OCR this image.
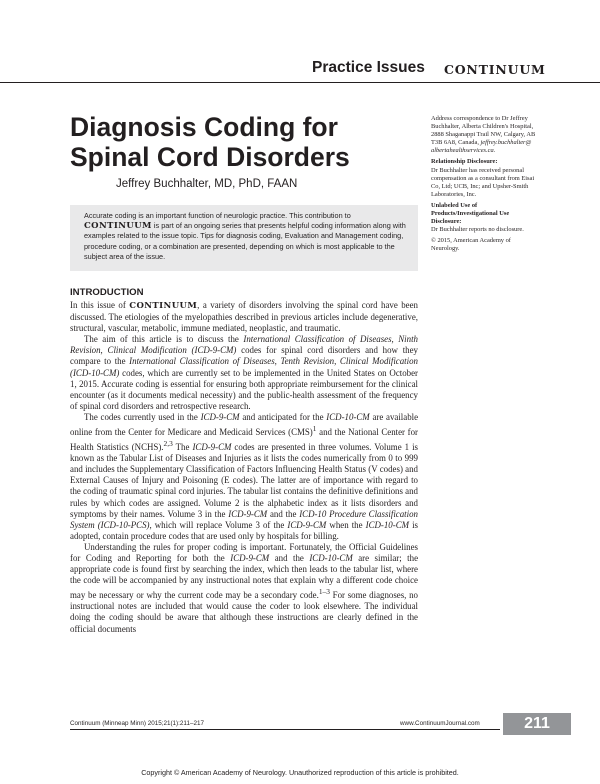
Practice Issues CONTINUUM
Diagnosis Coding for Spinal Cord Disorders
Jeffrey Buchhalter, MD, PhD, FAAN

Accurate coding is an important function of neurologic practice. This contribution to
CONTINUUM is part of an ongoing series that presents helpful coding information along with examples related to the issue topic. Tips for diagnosis coding, Evaluation and Management coding, procedure coding, or a combination are presented, depending on which is most applicable to the subject area of the issue.

Address correspondence to Dr Jeffrey Buchhalter, Alberta Children's Hospital, 2888 Shaganappi Trail NW, Calgary, AB T3B 6A8, Canada, jeffrey.buchhalter@ albertahealthservices.ca.

Relationship Disclosure:
Dr Buchhalter has received personal compensation as a consultant from Eisai Co, Ltd; UCB, Inc; and Upsher-Smith Laboratories, Inc.

Unlabeled Use of Products/Investigational Use Disclosure:
Dr Buchhalter reports no disclosure.

© 2015, American Academy of Neurology.

INTRODUCTION

In this issue of CONTINUUM, a variety of disorders involving the spinal cord have been discussed. The etiologies of the myelopathies described in previous articles include degenerative, structural, vascular, metabolic, immune mediated, neoplastic, and traumatic.

The aim of this article is to discuss the International Classification of Diseases, Ninth Revision, Clinical Modification (ICD-9-CM) codes for spinal cord disorders and how they compare to the International Classification of Diseases, Tenth Revision, Clinical Modification (ICD-10-CM) codes, which are currently set to be implemented in the United States on October 1, 2015. Accurate coding is essential for ensuring both appropriate reimbursement for the clinical encounter (as it documents medical necessity) and the public-health assessment of the frequency of spinal cord disorders and retrospective research.

The codes currently used in the ICD-9-CM and anticipated for the ICD-10-CM are available online from the Center for Medicare and Medicaid Services (CMS)$^1$ and the National Center for Health Statistics (NCHS).$^{2,3}$ The ICD-9-CM codes are presented in three volumes. Volume 1 is known as the Tabular List of Diseases and Injuries as it lists the codes numerically from 0 to 999 and includes the Supplementary Classification of Factors Influencing Health Status (V codes) and External Causes of Injury and Poisoning (E codes). The latter are of importance with regard to the coding of traumatic spinal cord injuries. The tabular list contains the definitive definitions and rules by which codes are assigned. Volume 2 is the alphabetic index as it lists disorders and symptoms by their names. Volume 3 in the ICD-9-CM and the ICD-10 Procedure Classification System (ICD-10-PCS), which will replace Volume 3 of the ICD-9-CM when the ICD-10-CM is adopted, contain procedure codes that are used only by hospitals for billing.

Understanding the rules for proper coding is important. Fortunately, the Official Guidelines for Coding and Reporting for both the ICD-9-CM and the ICD-10-CM are similar; the appropriate code is found first by searching the index, which then leads to the tabular list, where the code will be accompanied by any instructional notes that explain why a different code choice may be necessary or why the current code may be a secondary code.$^{1-3}$ For some diagnoses, no instructional notes are included that would cause the coder to look elsewhere. The individual doing the coding should be aware that although these instructions are clearly defined in the official documents

Continuum (Minneap Minn) 2015;21(1):211–217	www.ContinuumJournal.com	211
Copyright © American Academy of Neurology. Unauthorized reproduction of this article is prohibited.
